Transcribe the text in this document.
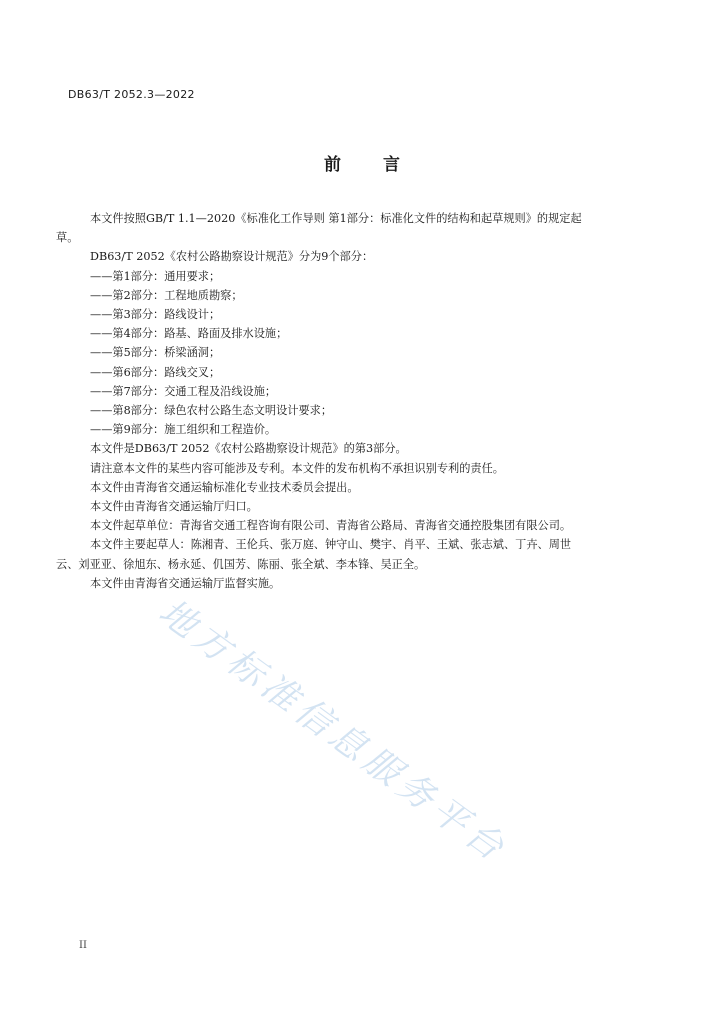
DB63/T 2052.3—2022
前 言

本文件按照GB/T 1.1—2020《标准化工作导则 第1部分：标准化文件的结构和起草规则》的规定起

草。

DB63/T 2052《农村公路勘察设计规范》分为9个部分：

——第1部分：通用要求；

——第2部分：工程地质勘察；

——第3部分：路线设计；

——第4部分：路基、路面及排水设施；

——第5部分：桥梁涵洞；

——第6部分：路线交叉；

——第7部分：交通工程及沿线设施；

——第8部分：绿色农村公路生态文明设计要求；

——第9部分：施工组织和工程造价。

本文件是DB63/T 2052《农村公路勘察设计规范》的第3部分。

请注意本文件的某些内容可能涉及专利。本文件的发布机构不承担识别专利的责任。

本文件由青海省交通运输标准化专业技术委员会提出。

本文件由青海省交通运输厅归口。

本文件起草单位：青海省交通工程咨询有限公司、青海省公路局、青海省交通控股集团有限公司。

本文件主要起草人：陈湘青、王伦兵、张万庭、钟守山、樊宇、肖平、王斌、张志斌、丁卉、周世

云、刘亚亚、徐旭东、杨永延、仉国芳、陈丽、张全斌、李本锋、吴正全。

本文件由青海省交通运输厅监督实施。

地方标准信息服务平台
II
